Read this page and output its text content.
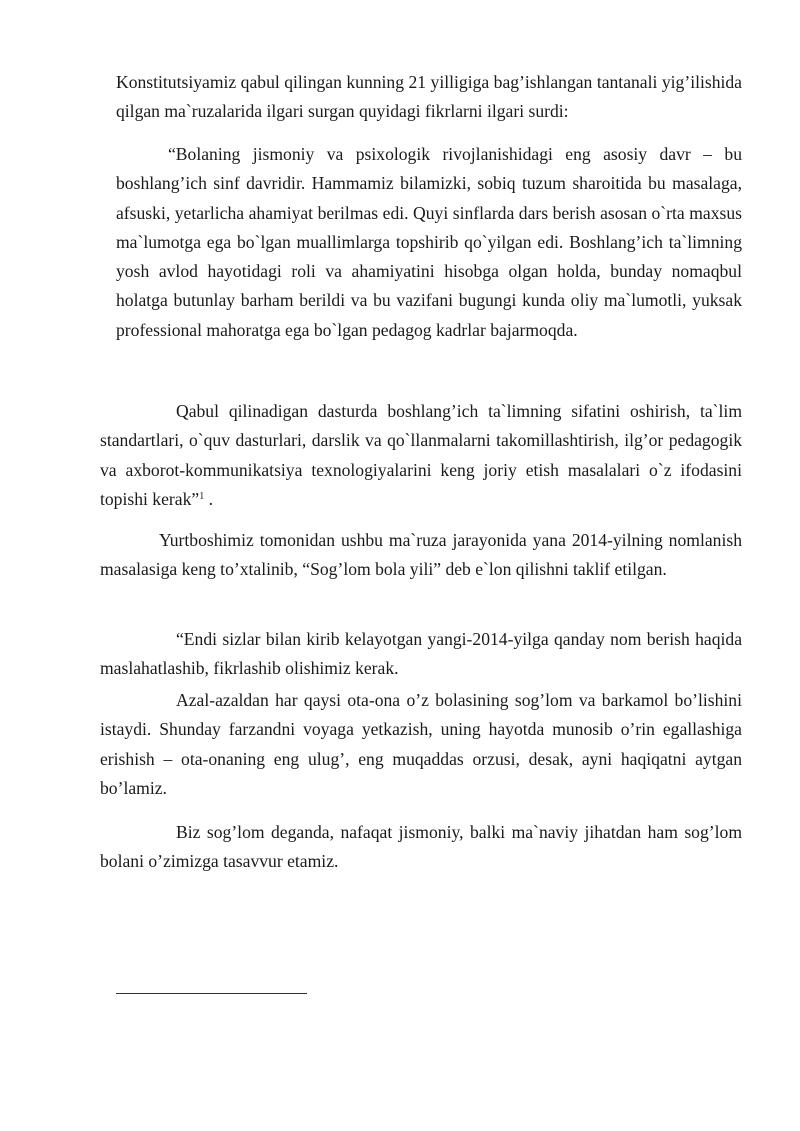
Konstitutsiyamiz qabul qilingan kunning 21 yilligiga bag’ishlangan tantanali yig’ilishida qilgan ma`ruzalarida ilgari surgan quyidagi fikrlarni ilgari surdi:

“Bolaning jismoniy va psixologik rivojlanishidagi eng asosiy davr – bu boshlang’ich sinf davridir. Hammamiz bilamizki, sobiq tuzum sharoitida bu masalaga, afsuski, yetarlicha ahamiyat berilmas edi. Quyi sinflarda dars berish asosan o`rta maxsus ma`lumotga ega bo`lgan muallimlarga topshirib qo`yilgan edi. Boshlang’ich ta`limning yosh avlod hayotidagi roli va ahamiyatini hisobga olgan holda, bunday nomaqbul holatga butunlay barham berildi va bu vazifani bugungi kunda oliy ma`lumotli, yuksak professional mahoratga ega bo`lgan pedagog kadrlar bajarmoqda.

Qabul qilinadigan dasturda boshlang’ich ta`limning sifatini oshirish, ta`lim standartlari, o`quv dasturlari, darslik va qo`llanmalarni takomillashtirish, ilg’or pedagogik va axborot-kommunikatsiya texnologiyalarini keng joriy etish masalalari o`z ifodasini topishi kerak”$^1$ .

Yurtboshimiz tomonidan ushbu ma`ruza jarayonida yana 2014-yilning nomlanish masalasiga keng to’xtalinib, “Sog’lom bola yili” deb e`lon qilishni taklif etilgan.

“Endi sizlar bilan kirib kelayotgan yangi-2014-yilga qanday nom berish haqida maslahatlashib, fikrlashib olishimiz kerak.

Azal-azaldan har qaysi ota-ona o’z bolasining sog’lom va barkamol bo’lishini istaydi. Shunday farzandni voyaga yetkazish, uning hayotda munosib o’rin egallashiga erishish – ota-onaning eng ulug’, eng muqaddas orzusi, desak, ayni haqiqatni aytgan bo’lamiz.

Biz sog’lom deganda, nafaqat jismoniy, balki ma`naviy jihatdan ham sog’lom bolani o’zimizga tasavvur etamiz.
